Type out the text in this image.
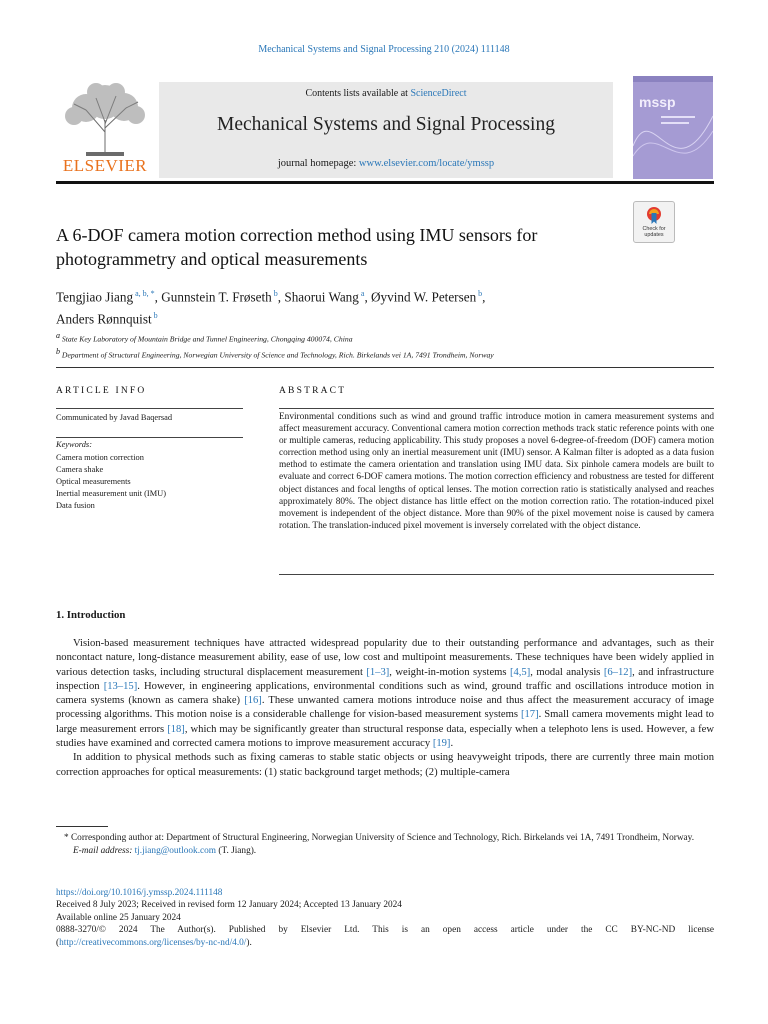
Mechanical Systems and Signal Processing 210 (2024) 111148
ELSEVIER
Contents lists available at ScienceDirect
Mechanical Systems and Signal Processing
journal homepage: www.elsevier.com/locate/ymssp
mssp
A 6-DOF camera motion correction method using IMU sensors for photogrammetry and optical measurements
Check for updates
Tengjiao Jiang $^{a, b, *}$, Gunnstein T. Frøseth $^b$, Shaorui Wang $^a$, Øyvind W. Petersen $^b$,
Anders Rønnquist $^b$
$^a$ State Key Laboratory of Mountain Bridge and Tunnel Engineering, Chongqing 400074, China
$^b$ Department of Structural Engineering, Norwegian University of Science and Technology, Rich. Birkelands vei 1A, 7491 Trondheim, Norway
ARTICLE INFO	ABSTRACT
Communicated by Javad Baqersad
Keywords:
Camera motion correction
Camera shake
Optical measurements
Inertial measurement unit (IMU)
Data fusion
Environmental conditions such as wind and ground traffic introduce motion in camera measurement systems and affect measurement accuracy. Conventional camera motion correction methods track static reference points with one or multiple cameras, reducing applicability. This study proposes a novel 6-degree-of-freedom (DOF) camera motion correction method using only an inertial measurement unit (IMU) sensor. A Kalman filter is adopted as a data fusion method to estimate the camera orientation and translation using IMU data. Six pinhole camera models are built to evaluate and correct 6-DOF camera motions. The motion correction efficiency and robustness are tested for different object distances and focal lengths of optical lenses. The motion correction ratio is statistically analysed and reaches approximately 80%. The object distance has little effect on the motion correction ratio. The rotation-induced pixel movement is independent of the object distance. More than 90% of the pixel movement noise is caused by camera rotation. The translation-induced pixel movement is inversely correlated with the object distance.
1. Introduction

Vision-based measurement techniques have attracted widespread popularity due to their outstanding performance and advantages, such as their noncontact nature, long-distance measurement ability, ease of use, low cost and multipoint measurements. These techniques have been widely applied in various detection tasks, including structural displacement measurement [1–3], weight-in-motion systems [4,5], modal analysis [6–12], and infrastructure inspection [13–15]. However, in engineering applications, environmental conditions such as wind, ground traffic and oscillations introduce motion in camera systems (known as camera shake) [16]. These unwanted camera motions introduce noise and thus affect the measurement accuracy of image processing algorithms. This motion noise is a considerable challenge for vision-based measurement systems [17]. Small camera movements might lead to large measurement errors [18], which may be significantly greater than structural response data, especially when a telephoto lens is used. However, a few studies have examined and corrected camera motions to improve measurement accuracy [19].

In addition to physical methods such as fixing cameras to stable static objects or using heavyweight tripods, there are currently three main motion correction approaches for optical measurements: (1) static background target methods; (2) multiple-camera

* Corresponding author at: Department of Structural Engineering, Norwegian University of Science and Technology, Rich. Birkelands vei 1A, 7491 Trondheim, Norway.

E-mail address: tj.jiang@outlook.com (T. Jiang).

https://doi.org/10.1016/j.ymssp.2024.111148

Received 8 July 2023; Received in revised form 12 January 2024; Accepted 13 January 2024

Available online 25 January 2024

0888-3270/© 2024 The Author(s). Published by Elsevier Ltd. This is an open access article under the CC BY-NC-ND license

(http://creativecommons.org/licenses/by-nc-nd/4.0/).
